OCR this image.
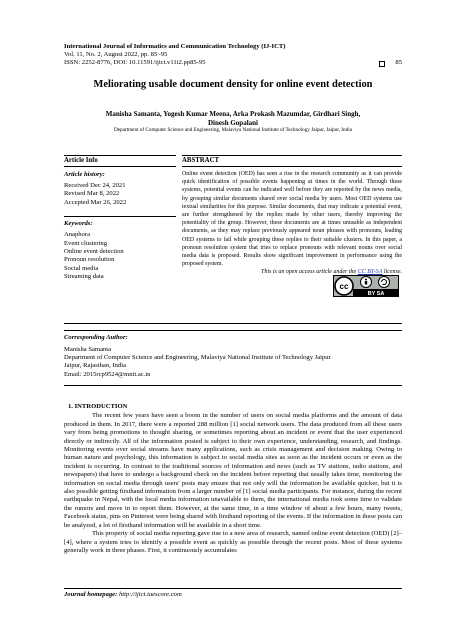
International Journal of Informatics and Communication Technology (IJ-ICT)
Vol. 11, No. 2, August 2022, pp. 85~95
ISSN: 2252-8776, DOI: 10.11591/ijict.v11i2.pp85-95	85
Meliorating usable document density for online event detection
Manisha Samanta, Yogesh Kumar Meena, Arka Prokash Mazumdar, Girdhari Singh,
Dinesh Gopalani
Department of Computer Science and Engineering, Malaviya National Institute of Technology Jaipur, Jaipur, India
Article Info
Article history:
Received Dec 24, 2021
Revised Mar 8, 2022
Accepted Mar 26, 2022
Keywords:
Anaphora
Event clustering
Online event detection
Pronoun resolution
Social media
Streaming data
ABSTRACT
Online event detection (OED) has seen a rise in the research community as it can provide quick identification of possible events happening at times in the world. Through these systems, potential events can be indicated well before they are reported by the news media, by grouping similar documents shared over social media by users. Most OED systems use textual similarities for this purpose. Similar documents, that may indicate a potential event, are further strengthened by the replies made by other users, thereby improving the potentiality of the group. However, these documents are at times unusable as independent documents, as they may replace previously appeared noun phrases with pronouns, leading OED systems to fail while grouping these replies to their suitable clusters. In this paper, a pronoun resolution system that tries to replace pronouns with relevant nouns over social media data is proposed. Results show significant improvement in performance using the proposed system.
This is an open access article under the CC BY-SA license.
cc
BY SA
Corresponding Author:
Manisha Samanta
Department of Computer Science and Engineering, Malaviya National Institute of Technology Jaipur
Jaipur, Rajasthan, India
Email: 2015rcp9524@mnit.ac.in
1. INTRODUCTION

The recent few years have seen a boom in the number of users on social media platforms and the amount of data produced in them. In 2017, there were a reported 288 million [1] social network users. The data produced from all these users vary from being promotions to thought sharing, or sometimes reporting about an incident or event that the user experienced directly or indirectly. All of the information posted is subject to their own experience, understanding, research, and findings. Monitoring events over social streams have many applications, such as crisis management and decision making. Owing to human nature and psychology, this information is subject to social media sites as soon as the incident occurs or even as the incident is occurring. In contrast to the traditional sources of information and news (such as TV stations, radio stations, and newspapers) that have to undergo a background check on the incident before reporting that usually takes time, monitoring the information on social media through users' posts may ensure that not only will the information be available quicker, but it is also possible getting firsthand information from a larger number of [1] social media participants. For instance, during the recent earthquake in Nepal, with the local media information unavailable to them, the international media took some time to validate the rumors and move in to report them. However, at the same time, in a time window of about a few hours, many tweets, Facebook status, pins on Pinterest were being shared with firsthand reporting of the events. If the information in these posts can be analyzed, a lot of firsthand information will be available in a short time.

This property of social media reporting gave rise to a new area of research, named online event detection (OED) [2]–[4], where a system tries to identify a possible event as quickly as possible through the recent posts. Most of these systems generally work in three phases. First, it continuously accumulates

Journal homepage: http://ijict.iaescore.com
